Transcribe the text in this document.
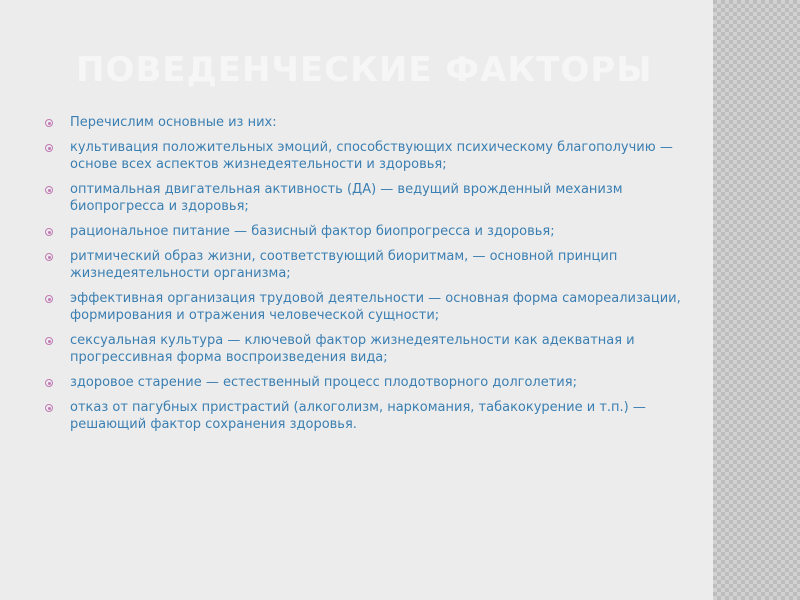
ПОВЕДЕНЧЕСКИЕ ФАКТОРЫ
Перечислим основные из них:
культивация положительных эмоций, способствующих психическому благополучию — основе всех аспектов жизнедеятельности и здоровья;
оптимальная двигательная активность (ДА) — ведущий врожденный механизм биопрогресса и здоровья;
рациональное питание — базисный фактор биопрогресса и здоровья;
ритмический образ жизни, соответствующий биоритмам, — основной принцип жизнедеятельности организма;
эффективная организация трудовой деятельности — основная форма самореализации, формирования и отражения человеческой сущности;
сексуальная культура — ключевой фактор жизнедеятельности как адекватная и прогрессивная форма воспроизведения вида;
здоровое старение — естественный процесс плодотворного долголетия;
отказ от пагубных пристрастий (алкоголизм, наркомания, табакокурение и т.п.) — решающий фактор сохранения здоровья.
